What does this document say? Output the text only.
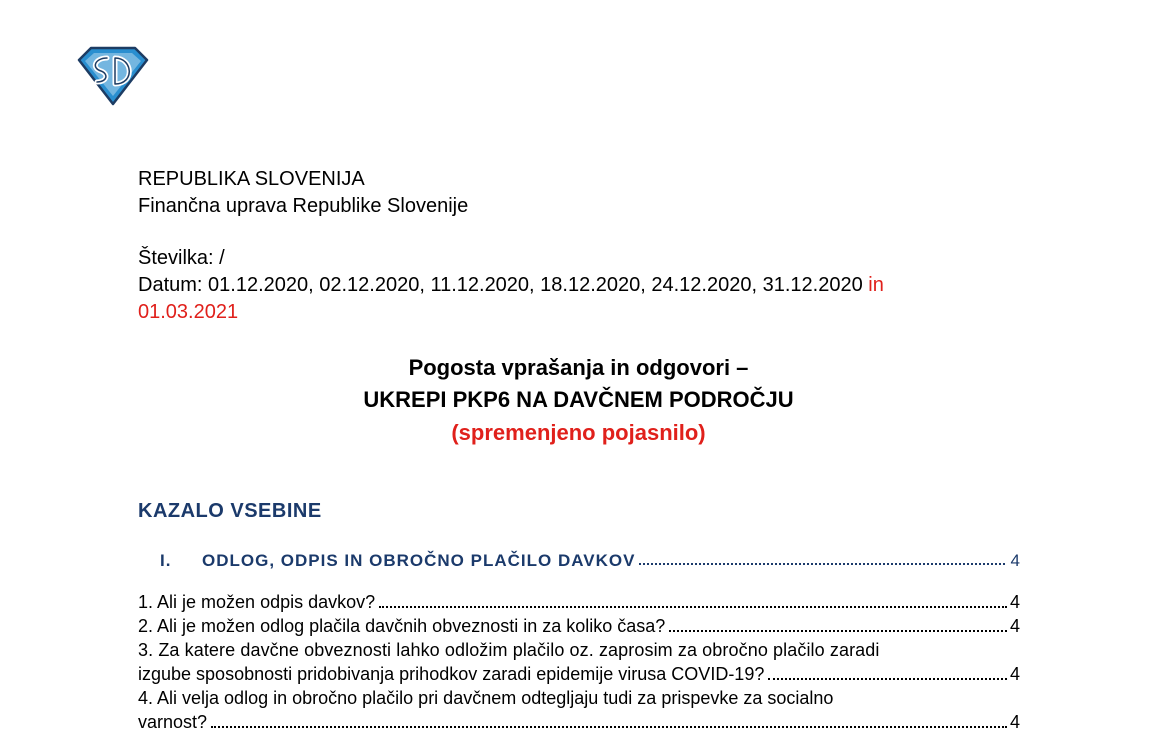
REPUBLIKA SLOVENIJA
Finančna uprava Republike Slovenije
Številka: /
Datum: 01.12.2020, 02.12.2020, 11.12.2020, 18.12.2020, 24.12.2020, 31.12.2020 in
01.03.2021
Pogosta vprašanja in odgovori –
UKREPI PKP6 NA DAVČNEM PODROČJU
(spremenjeno pojasnilo)
KAZALO VSEBINE
I.	ODLOG, ODPIS IN OBROČNO PLAČILO DAVKOV	4
1. Ali je možen odpis davkov?	4
2. Ali je možen odlog plačila davčnih obveznosti in za koliko časa?	4
3. Za katere davčne obveznosti lahko odložim plačilo oz. zaprosim za obročno plačilo zaradi
izgube sposobnosti pridobivanja prihodkov zaradi epidemije virusa COVID-19?	4
4. Ali velja odlog in obročno plačilo pri davčnem odtegljaju tudi za prispevke za socialno
varnost?	4
